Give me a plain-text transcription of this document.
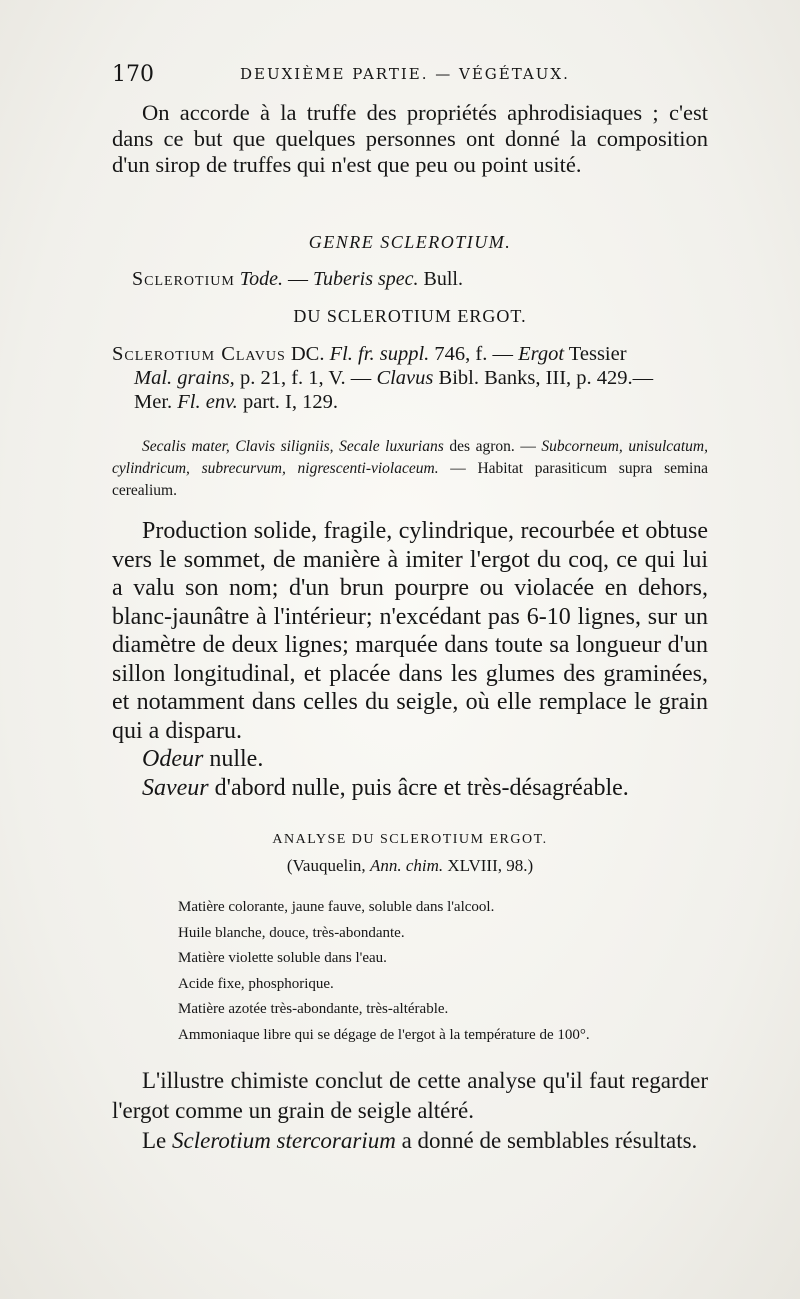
170	DEUXIÈME PARTIE. — VÉGÉTAUX.

On accorde à la truffe des propriétés aphrodisiaques ; c'est dans ce but que quelques personnes ont donné la composition d'un sirop de truffes qui n'est que peu ou point usité.

GENRE SCLEROTIUM.
Sclerotium Tode. — Tuberis spec. Bull.
DU SCLEROTIUM ERGOT.
Sclerotium Clavus DC. Fl. fr. suppl. 746, f. — Ergot Tessier
Mal. grains, p. 21, f. 1, V. — Clavus Bibl. Banks, III, p. 429.—
Mer. Fl. env. part. I, 129.
Secalis mater, Clavis siligniis, Secale luxurians des agron. — Subcorneum, unisulcatum, cylindricum, subrecurvum, nigrescenti-violaceum. — Habitat parasiticum supra semina cerealium.

Production solide, fragile, cylindrique, recourbée et obtuse vers le sommet, de manière à imiter l'ergot du coq, ce qui lui a valu son nom; d'un brun pourpre ou violacée en dehors, blanc-jaunâtre à l'intérieur; n'excédant pas 6-10 lignes, sur un diamètre de deux lignes; marquée dans toute sa longueur d'un sillon longitudinal, et placée dans les glumes des graminées, et notamment dans celles du seigle, où elle remplace le grain qui a disparu.

Odeur nulle.

Saveur d'abord nulle, puis âcre et très-désagréable.

ANALYSE DU SCLEROTIUM ERGOT.
(Vauquelin, Ann. chim. XLVIII, 98.)
Matière colorante, jaune fauve, soluble dans l'alcool.
Huile blanche, douce, très-abondante.
Matière violette soluble dans l'eau.
Acide fixe, phosphorique.
Matière azotée très-abondante, très-altérable.
Ammoniaque libre qui se dégage de l'ergot à la température de 100°.

L'illustre chimiste conclut de cette analyse qu'il faut regarder l'ergot comme un grain de seigle altéré.

Le Sclerotium stercorarium a donné de semblables résultats.
